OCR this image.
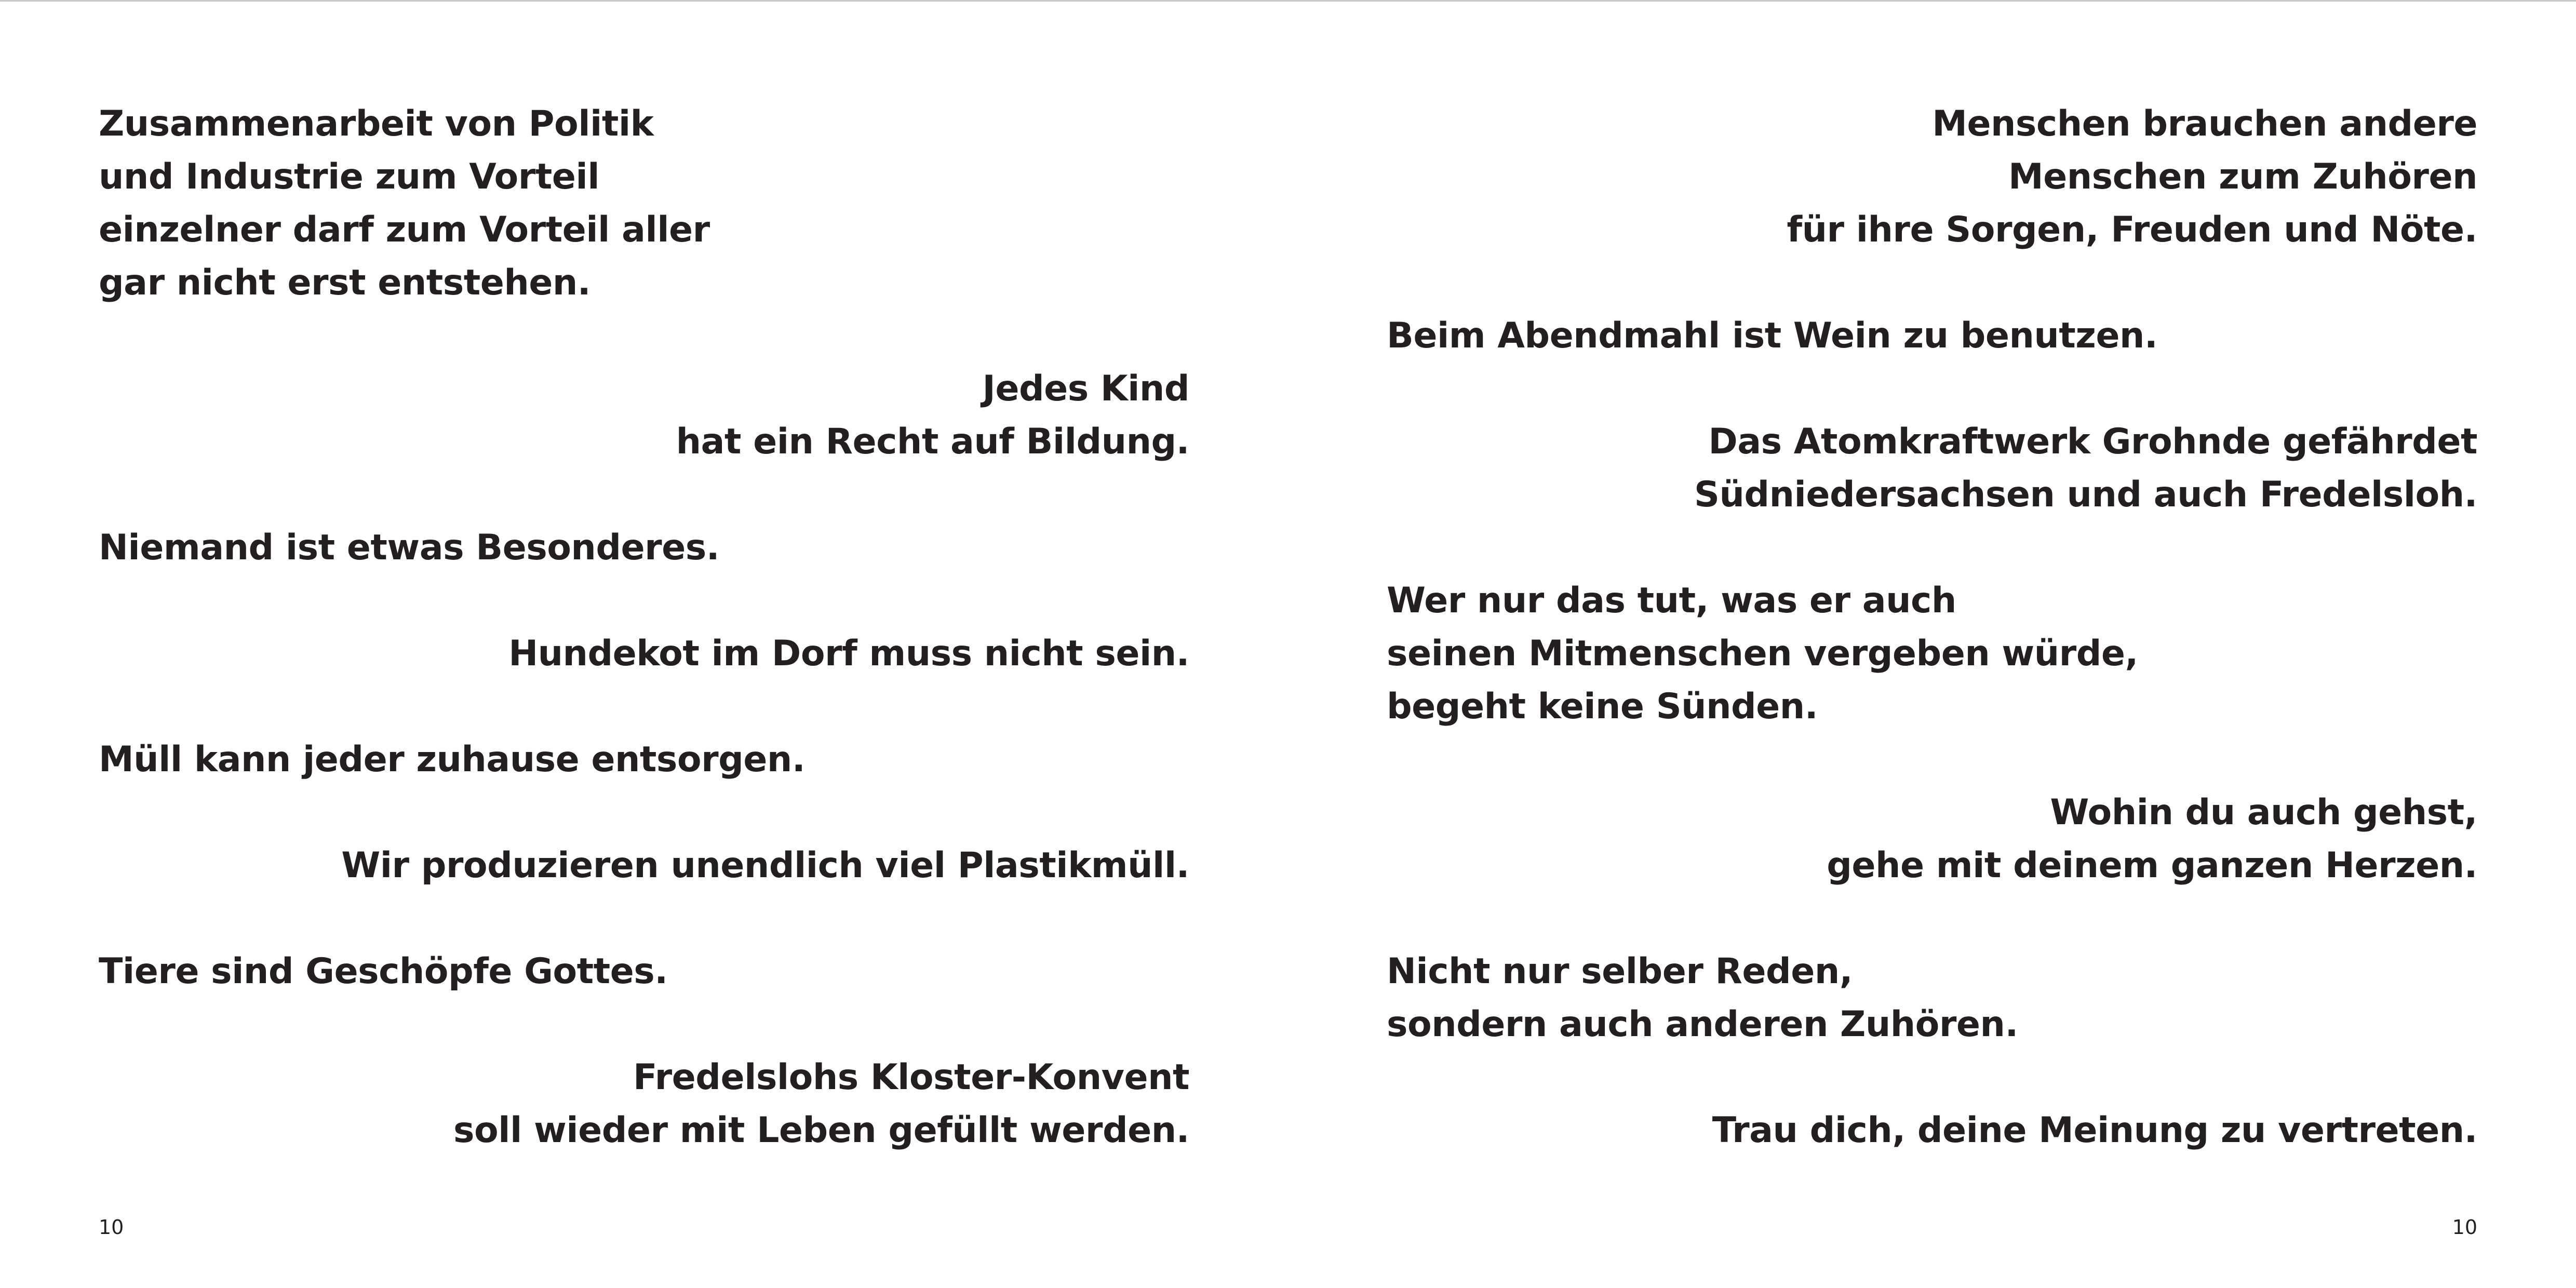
Zusammenarbeit von Politik
und Industrie zum Vorteil
einzelner darf zum Vorteil aller
gar nicht erst entstehen.
Jedes Kind
hat ein Recht auf Bildung.
Niemand ist etwas Besonderes.
Hundekot im Dorf muss nicht sein.
Müll kann jeder zuhause entsorgen.
Wir produzieren unendlich viel Plastikmüll.
Tiere sind Geschöpfe Gottes.
Fredelslohs Kloster-Konvent
soll wieder mit Leben gefüllt werden.
10
Menschen brauchen andere
Menschen zum Zuhören
für ihre Sorgen, Freuden und Nöte.
Beim Abendmahl ist Wein zu benutzen.
Das Atomkraftwerk Grohnde gefährdet
Südniedersachsen und auch Fredelsloh.
Wer nur das tut, was er auch
seinen Mitmenschen vergeben würde,
begeht keine Sünden.
Wohin du auch gehst,
gehe mit deinem ganzen Herzen.
Nicht nur selber Reden,
sondern auch anderen Zuhören.
Trau dich, deine Meinung zu vertreten.
10
